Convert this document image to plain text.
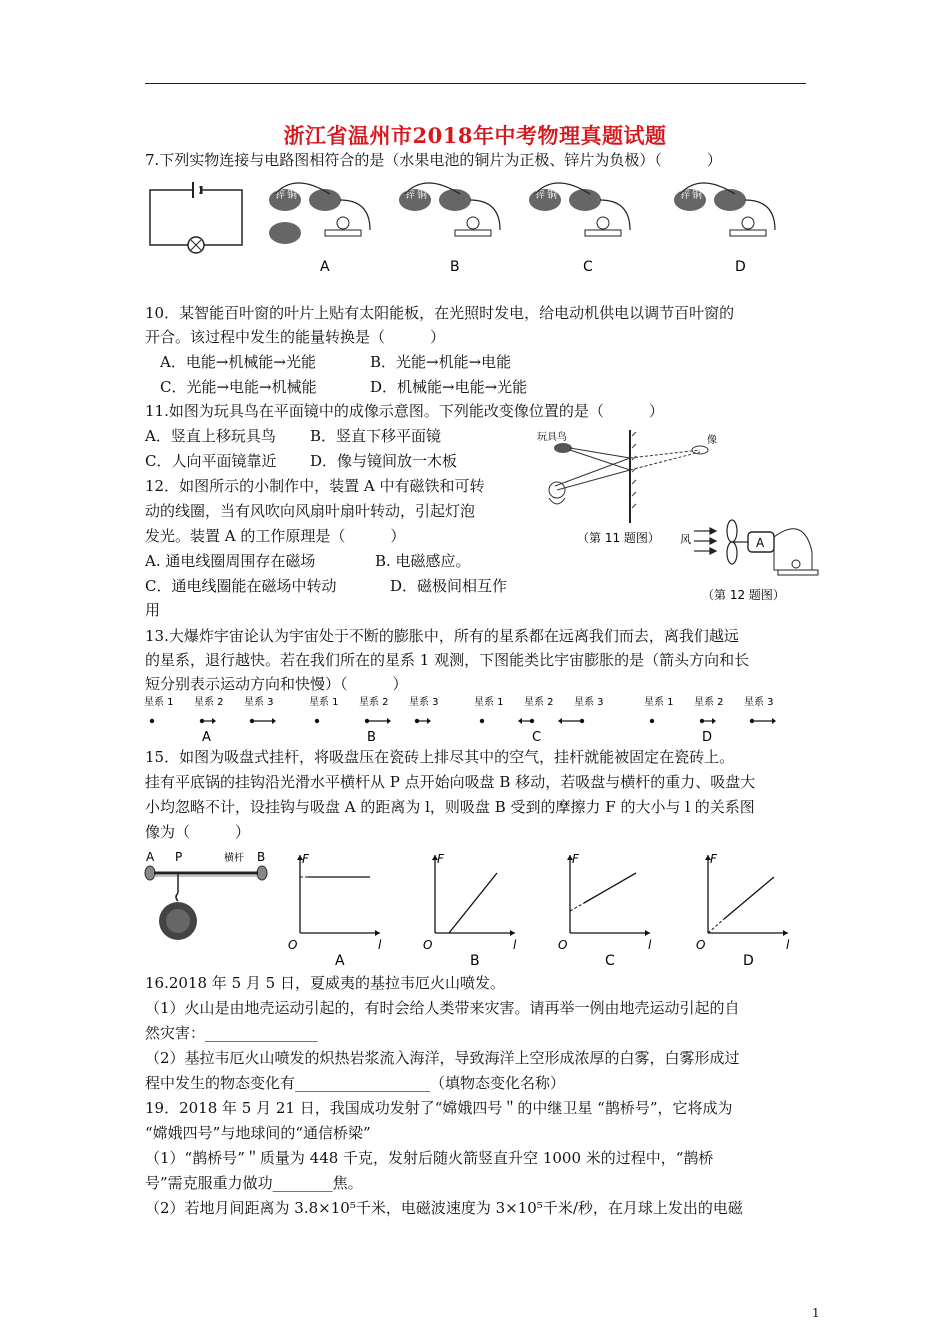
浙江省温州市2018年中考物理真题试题
7.下列实物连接与电路图相符合的是（水果电池的铜片为正极、锌片为负极）（　　　）
锌 铜	锌 铜	锌 铜	锌 铜
A	B	C	D
10．某智能百叶窗的叶片上贴有太阳能板，在光照时发电，给电动机供电以调节百叶窗的
开合。该过程中发生的能量转换是（　　　）
A．电能→机械能→光能	B．光能→机能→电能
C．光能→电能→机械能	D．机械能→电能→光能
11.如图为玩具鸟在平面镜中的成像示意图。下列能改变像位置的是（　　　）
A．竖直上移玩具鸟 B．竖直下移平面镜
C．人向平面镜靠近 D．像与镜间放一木板
玩具鸟	像
（第 11 题图）
12．如图所示的小制作中，装置 A 中有磁铁和可转
动的线圈，当有风吹向风扇叶扇叶转动，引起灯泡
发光。装置 A 的工作原理是（　　　）
A. 通电线圈周围存在磁场	B. 电磁感应。
C．通电线圈能在磁场中转动	D．磁极间相互作
用
风	A
（第 12 题图）
13.大爆炸宇宙论认为宇宙处于不断的膨胀中，所有的星系都在远离我们而去，离我们越远
的星系，退行越快。若在我们所在的星系 1 观测，下图能类比宇宙膨胀的是（箭头方向和长
短分别表示运动方向和快慢）（　　　）
星系 1 星系 2 星系 3
A
星系 1 星系 2 星系 3
B
星系 1 星系 2 星系 3
C
星系 1 星系 2 星系 3
D
15．如图为吸盘式挂杆，将吸盘压在瓷砖上排尽其中的空气，挂杆就能被固定在瓷砖上。
挂有平底锅的挂钩沿光滑水平横杆从 P 点开始向吸盘 B 移动，若吸盘与横杆的重力、吸盘大
小均忽略不计，设挂钩与吸盘 A 的距离为 l，则吸盘 B 受到的摩擦力 F 的大小与 l 的关系图
像为（　　　）
A P	横杆 B	F
l
O
A
F
l
O
B
F
l
O
C
F
l
O
D
16.2018 年 5 月 5 日，夏威夷的基拉韦厄火山喷发。
（1）火山是由地壳运动引起的，有时会给人类带来灾害。请再举一例由地壳运动引起的自
然灾害：_______________
（2）基拉韦厄火山喷发的炽热岩浆流入海洋，导致海洋上空形成浓厚的白雾，白雾形成过
程中发生的物态变化有__________________（填物态变化名称）
19．2018 年 5 月 21 日，我国成功发射了“嫦娥四号＂的中继卫星 “鹊桥号”，它将成为
“嫦娥四号”与地球间的“通信桥梁”
（1）“鹊桥号”＂质量为 448 千克，发射后随火箭竖直升空 1000 米的过程中，“鹊桥
号”需克服重力做功________焦。
（2）若地月间距离为 3.8×10⁵千米，电磁波速度为 3×10⁵千米/秒，在月球上发出的电磁
1
